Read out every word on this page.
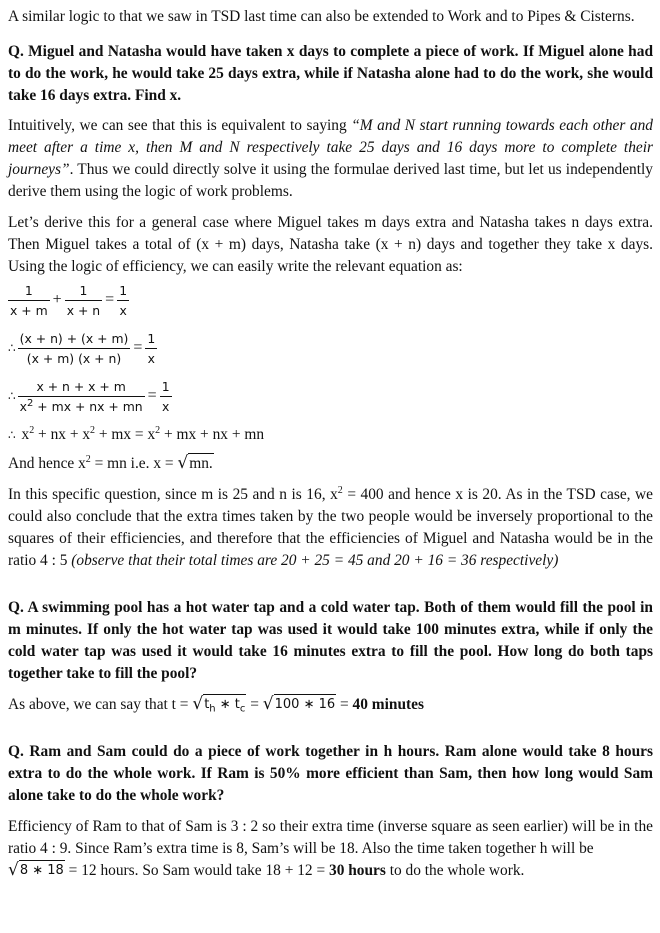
A similar logic to that we saw in TSD last time can also be extended to Work and to Pipes & Cisterns.

Q. Miguel and Natasha would have taken x days to complete a piece of work. If Miguel alone had to do the work, he would take 25 days extra, while if Natasha alone had to do the work, she would take 16 days extra. Find x.

Intuitively, we can see that this is equivalent to saying “M and N start running towards each other and meet after a time x, then M and N respectively take 25 days and 16 days more to complete their journeys”. Thus we could directly solve it using the formulae derived last time, but let us independently derive them using the logic of work problems.

Let’s derive this for a general case where Miguel takes m days extra and Natasha takes n days extra. Then Miguel takes a total of (x + m) days, Natasha take (x + n) days and together they take x days. Using the logic of efficiency, we can easily write the relevant equation as:

$\frac{1}{x + m} + \frac{1}{x + n} = \frac{1}{x}$
∴ $\frac{(x + n) + (x + m)}{(x + m) (x + n)} = \frac{1}{x}$
∴ $\frac{x + n + x + m}{x^2 + mx + nx + mn} = \frac{1}{x}$

∴ $x^2$ + nx + $x^2$ + mx = $x^2$ + mx + nx + mn

And hence $x^2$ = mn i.e. x = √ mn.

In this specific question, since m is 25 and n is 16, $x^2 = 400$ and hence x is 20. As in the TSD case, we could also conclude that the extra times taken by the two people would be inversely proportional to the squares of their efficiencies, and therefore that the efficiencies of Miguel and Natasha would be in the ratio 4 : 5 (observe that their total times are 20 + 25 = 45 and 20 + 16 = 36 respectively)

Q. A swimming pool has a hot water tap and a cold water tap. Both of them would fill the pool in m minutes. If only the hot water tap was used it would take 100 minutes extra, while if only the cold water tap was used it would take 16 minutes extra to fill the pool. How long do both taps together take to fill the pool?

As above, we can say that t = √ $t_h$ ∗ $t_c$ = √ 100 ∗ 16 = 40 minutes

Q. Ram and Sam could do a piece of work together in h hours. Ram alone would take 8 hours extra to do the whole work. If Ram is 50% more efficient than Sam, then how long would Sam alone take to do the whole work?

Efficiency of Ram to that of Sam is 3 : 2 so their extra time (inverse square as seen earlier) will be in the ratio 4 : 9. Since Ram’s extra time is 8, Sam’s will be 18. Also the time taken together h will be

√ 8 ∗ 18 = 12 hours. So Sam would take 18 + 12 = 30 hours to do the whole work.
